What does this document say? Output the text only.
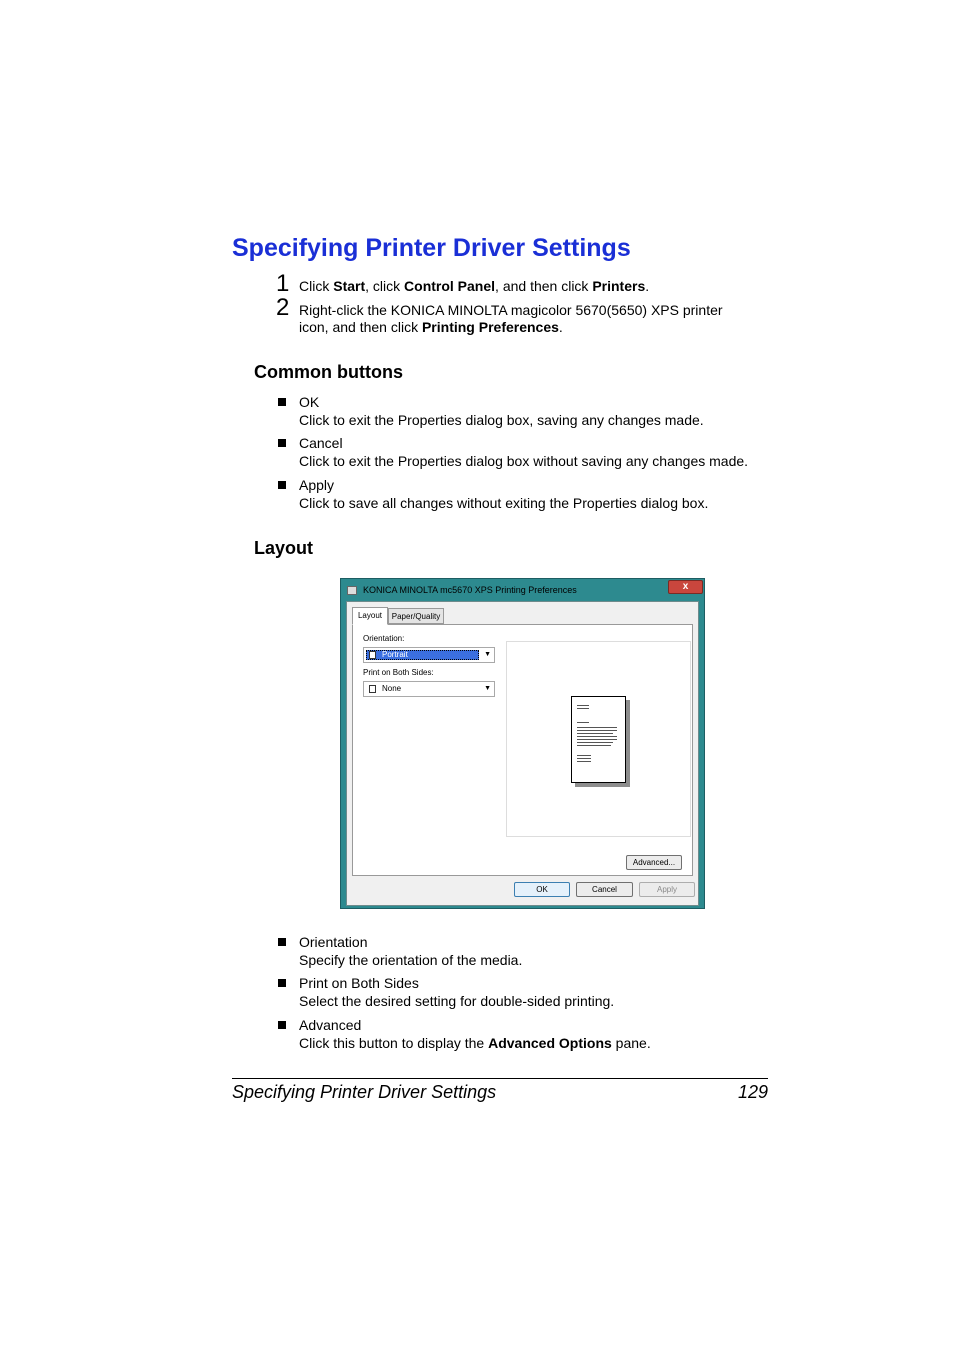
Specifying Printer Driver Settings
1 Click Start, click Control Panel, and then click Printers.
2 Right-click the KONICA MINOLTA magicolor 5670(5650) XPS printer
icon, and then click Printing Preferences.
Common buttons
OK
Click to exit the Properties dialog box, saving any changes made.
Cancel
Click to exit the Properties dialog box without saving any changes made.
Apply
Click to save all changes without exiting the Properties dialog box.
Layout
KONICA MINOLTA mc5670 XPS Printing Preferences	x
Layout	Paper/Quality
Orientation:
Portrait	▼
Print on Both Sides:
None	▼
Advanced...
OK	Cancel	Apply
Orientation
Specify the orientation of the media.
Print on Both Sides
Select the desired setting for double-sided printing.
Advanced
Click this button to display the Advanced Options pane.
Specifying Printer Driver Settings	129
